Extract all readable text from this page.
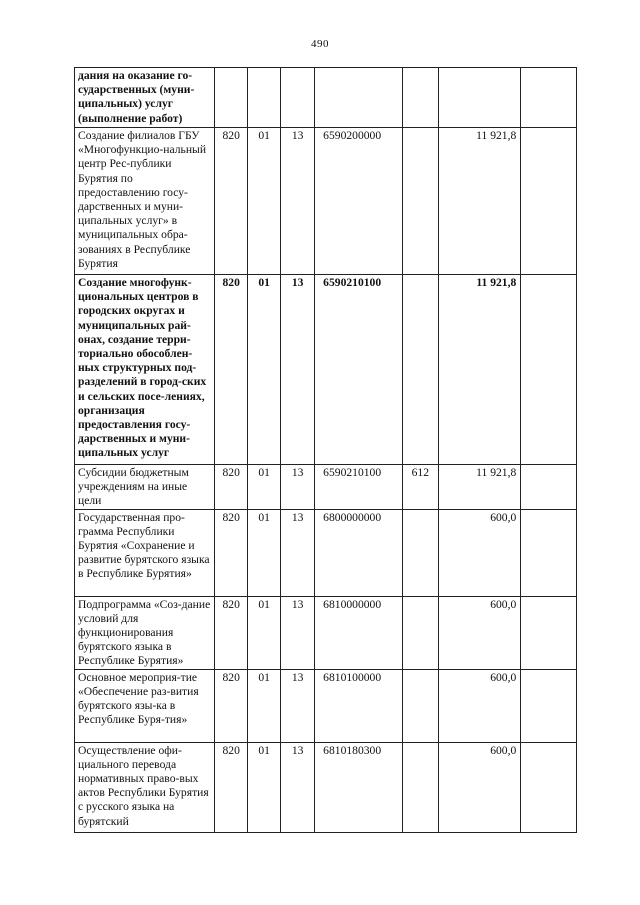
490
дания на оказание го-сударственных (муни-ципальных) услуг (выполнение работ)							
Создание филиалов ГБУ «Многофункцио-нальный центр Рес-публики Бурятия по предоставлению госу-дарственных и муни-ципальных услуг» в муниципальных обра-зованиях в Республике Бурятия	820	01	13	6590200000		11 921,8	
Создание многофунк-циональных центров в городских округах и муниципальных рай-онах, создание терри-ториально обособлен-ных структурных под-разделений в город-ских и сельских посе-лениях, организация предоставления госу-дарственных и муни-ципальных услуг	820	01	13	6590210100		11 921,8	
Субсидии бюджетным учреждениям на иные цели	820	01	13	6590210100	612	11 921,8	
Государственная про-грамма Республики Бурятия «Сохранение и развитие бурятского языка в Республике Бурятия»	820	01	13	6800000000		600,0	
Подпрограмма «Соз-дание условий для функционирования бурятского языка в Республике Бурятия»	820	01	13	6810000000		600,0	
Основное мероприя-тие «Обеспечение раз-вития бурятского язы-ка в Республике Буря-тия»	820	01	13	6810100000		600,0	
Осуществление офи-циального перевода нормативных право-вых актов Республики Бурятия с русского языка на бурятский	820	01	13	6810180300		600,0	
